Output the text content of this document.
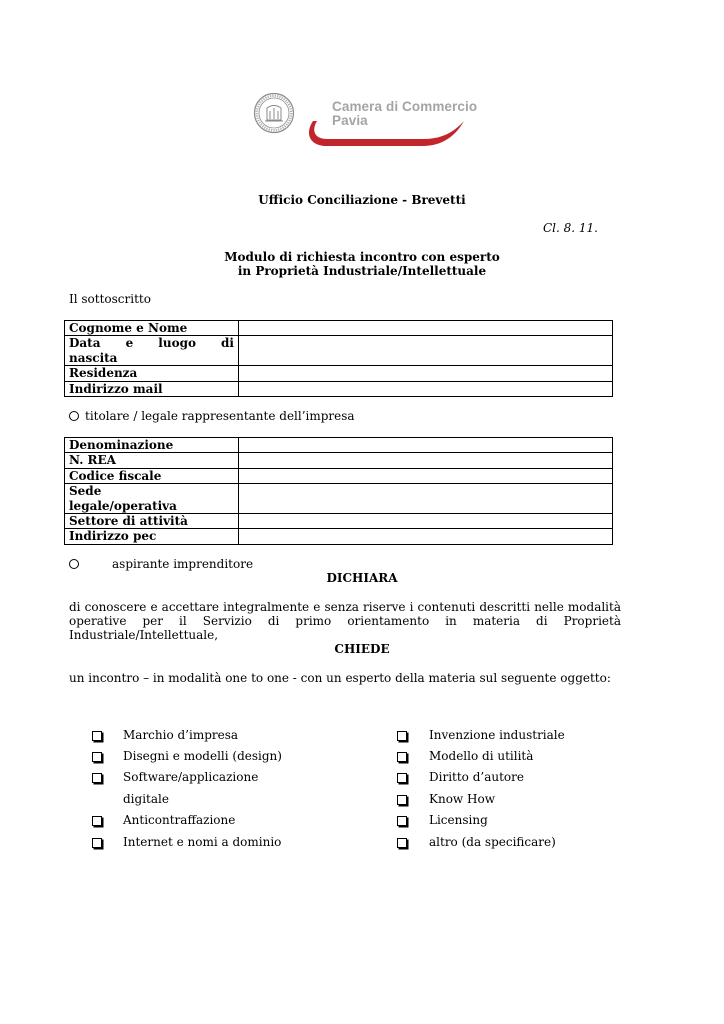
Camera di Commercio
Pavia
Ufficio Conciliazione - Brevetti
Cl. 8. 11.
Modulo di richiesta incontro con esperto
in Proprietà Industriale/Intellettuale
Il sottoscritto
Cognome e Nome	

Data e luogo di
nascita	

Residenza	
Indirizzo mail	
titolare / legale rappresentante dell’impresa
Denominazione	
N. REA	
Codice fiscale	

Sede
legale/operativa	

Settore di attività	
Indirizzo pec	
aspirante imprenditore
DICHIARA
di conoscere e accettare integralmente e senza riserve i contenuti descritti nelle modalità
operative per il Servizio di primo orientamento in materia di Proprietà
Industriale/Intellettuale,
CHIEDE
un incontro – in modalità one to one - con un esperto della materia sul seguente oggetto:
Marchio d’impresa
Disegni e modelli (design)
Software/applicazione
digitale
Anticontraffazione
Internet e nomi a dominio
Invenzione industriale
Modello di utilità
Diritto d’autore
Know How
Licensing
altro (da specificare)
